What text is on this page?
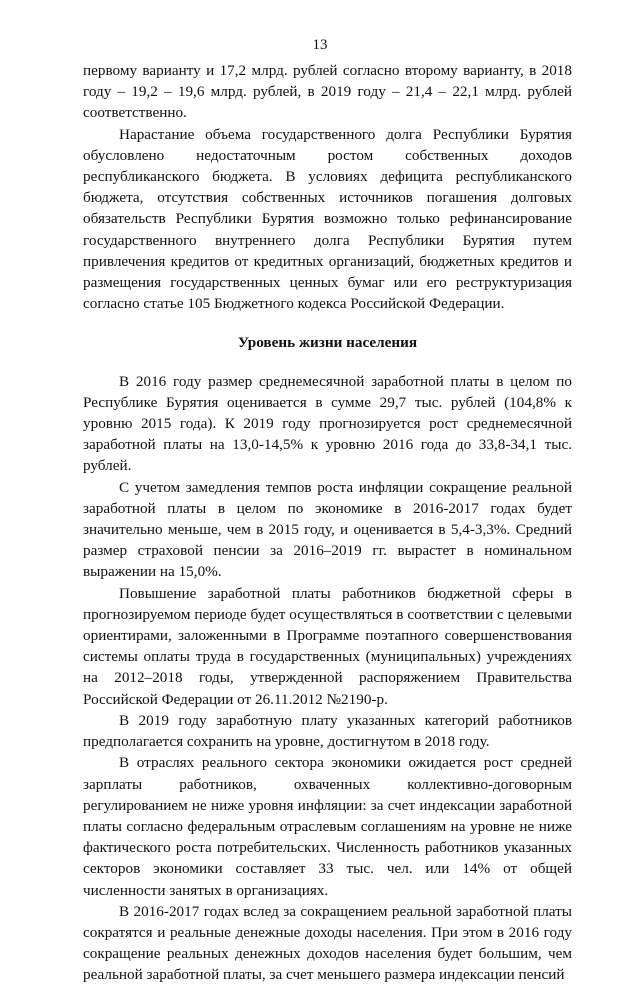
13

первому варианту и 17,2 млрд. рублей согласно второму варианту, в 2018 году – 19,2 – 19,6 млрд. рублей, в 2019 году – 21,4 – 22,1 млрд. рублей соответственно.

Нарастание объема государственного долга Республики Бурятия обусловлено недостаточным ростом собственных доходов республиканского бюджета. В условиях дефицита республиканского бюджета, отсутствия собственных источников погашения долговых обязательств Республики Бурятия возможно только рефинансирование государственного внутреннего долга Республики Бурятия путем привлечения кредитов от кредитных организаций, бюджетных кредитов и размещения государственных ценных бумаг или его реструктуризация согласно статье 105 Бюджетного кодекса Российской Федерации.

Уровень жизни населения

В 2016 году размер среднемесячной заработной платы в целом по Республике Бурятия оценивается в сумме 29,7 тыс. рублей (104,8% к уровню 2015 года). К 2019 году прогнозируется рост среднемесячной заработной платы на 13,0-14,5% к уровню 2016 года до 33,8-34,1 тыс. рублей.

С учетом замедления темпов роста инфляции сокращение реальной заработной платы в целом по экономике в 2016-2017 годах будет значительно меньше, чем в 2015 году, и оценивается в 5,4-3,3%. Средний размер страховой пенсии за 2016–2019 гг. вырастет в номинальном выражении на 15,0%.

Повышение заработной платы работников бюджетной сферы в прогнозируемом периоде будет осуществляться в соответствии с целевыми ориентирами, заложенными в Программе поэтапного совершенствования системы оплаты труда в государственных (муниципальных) учреждениях на 2012–2018 годы, утвержденной распоряжением Правительства Российской Федерации от 26.11.2012 №2190-р.

В 2019 году заработную плату указанных категорий работников предполагается сохранить на уровне, достигнутом в 2018 году.

В отраслях реального сектора экономики ожидается рост средней зарплаты работников, охваченных коллективно-договорным регулированием не ниже уровня инфляции: за счет индексации заработной платы согласно федеральным отраслевым соглашениям на уровне не ниже фактического роста потребительских. Численность работников указанных секторов экономики составляет 33 тыс. чел. или 14% от общей численности занятых в организациях.

В 2016-2017 годах вслед за сокращением реальной заработной платы сократятся и реальные денежные доходы населения. При этом в 2016 году сокращение реальных денежных доходов населения будет большим, чем реальной заработной платы, за счет меньшего размера индексации пенсий
